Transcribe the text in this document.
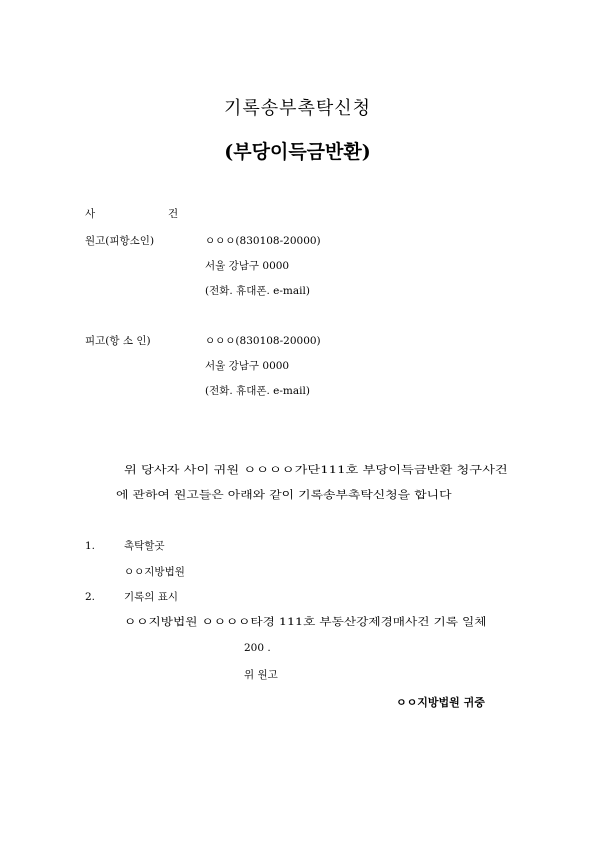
기록송부촉탁신청
(부당이득금반환)
사	건
원고(피항소인)	ㅇㅇㅇ(830108-20000)
서울 강남구 0000
(전화. 휴대폰. e-mail)
피고(항 소 인)	ㅇㅇㅇ(830108-20000)
서울 강남구 0000
(전화. 휴대폰. e-mail)
위 당사자 사이 귀원 ㅇㅇㅇㅇ가단111호 부당이득금반환 청구사건
에 관하여 원고들은 아래와 같이 기록송부촉탁신청을 합니다
1.	촉탁할곳
ㅇㅇ지방법원
2.	기록의 표시
ㅇㅇ지방법원 ㅇㅇㅇㅇ타경 111호 부동산강제경매사건 기록 일체
200 .
위 원고
ㅇㅇ지방법원 귀중
